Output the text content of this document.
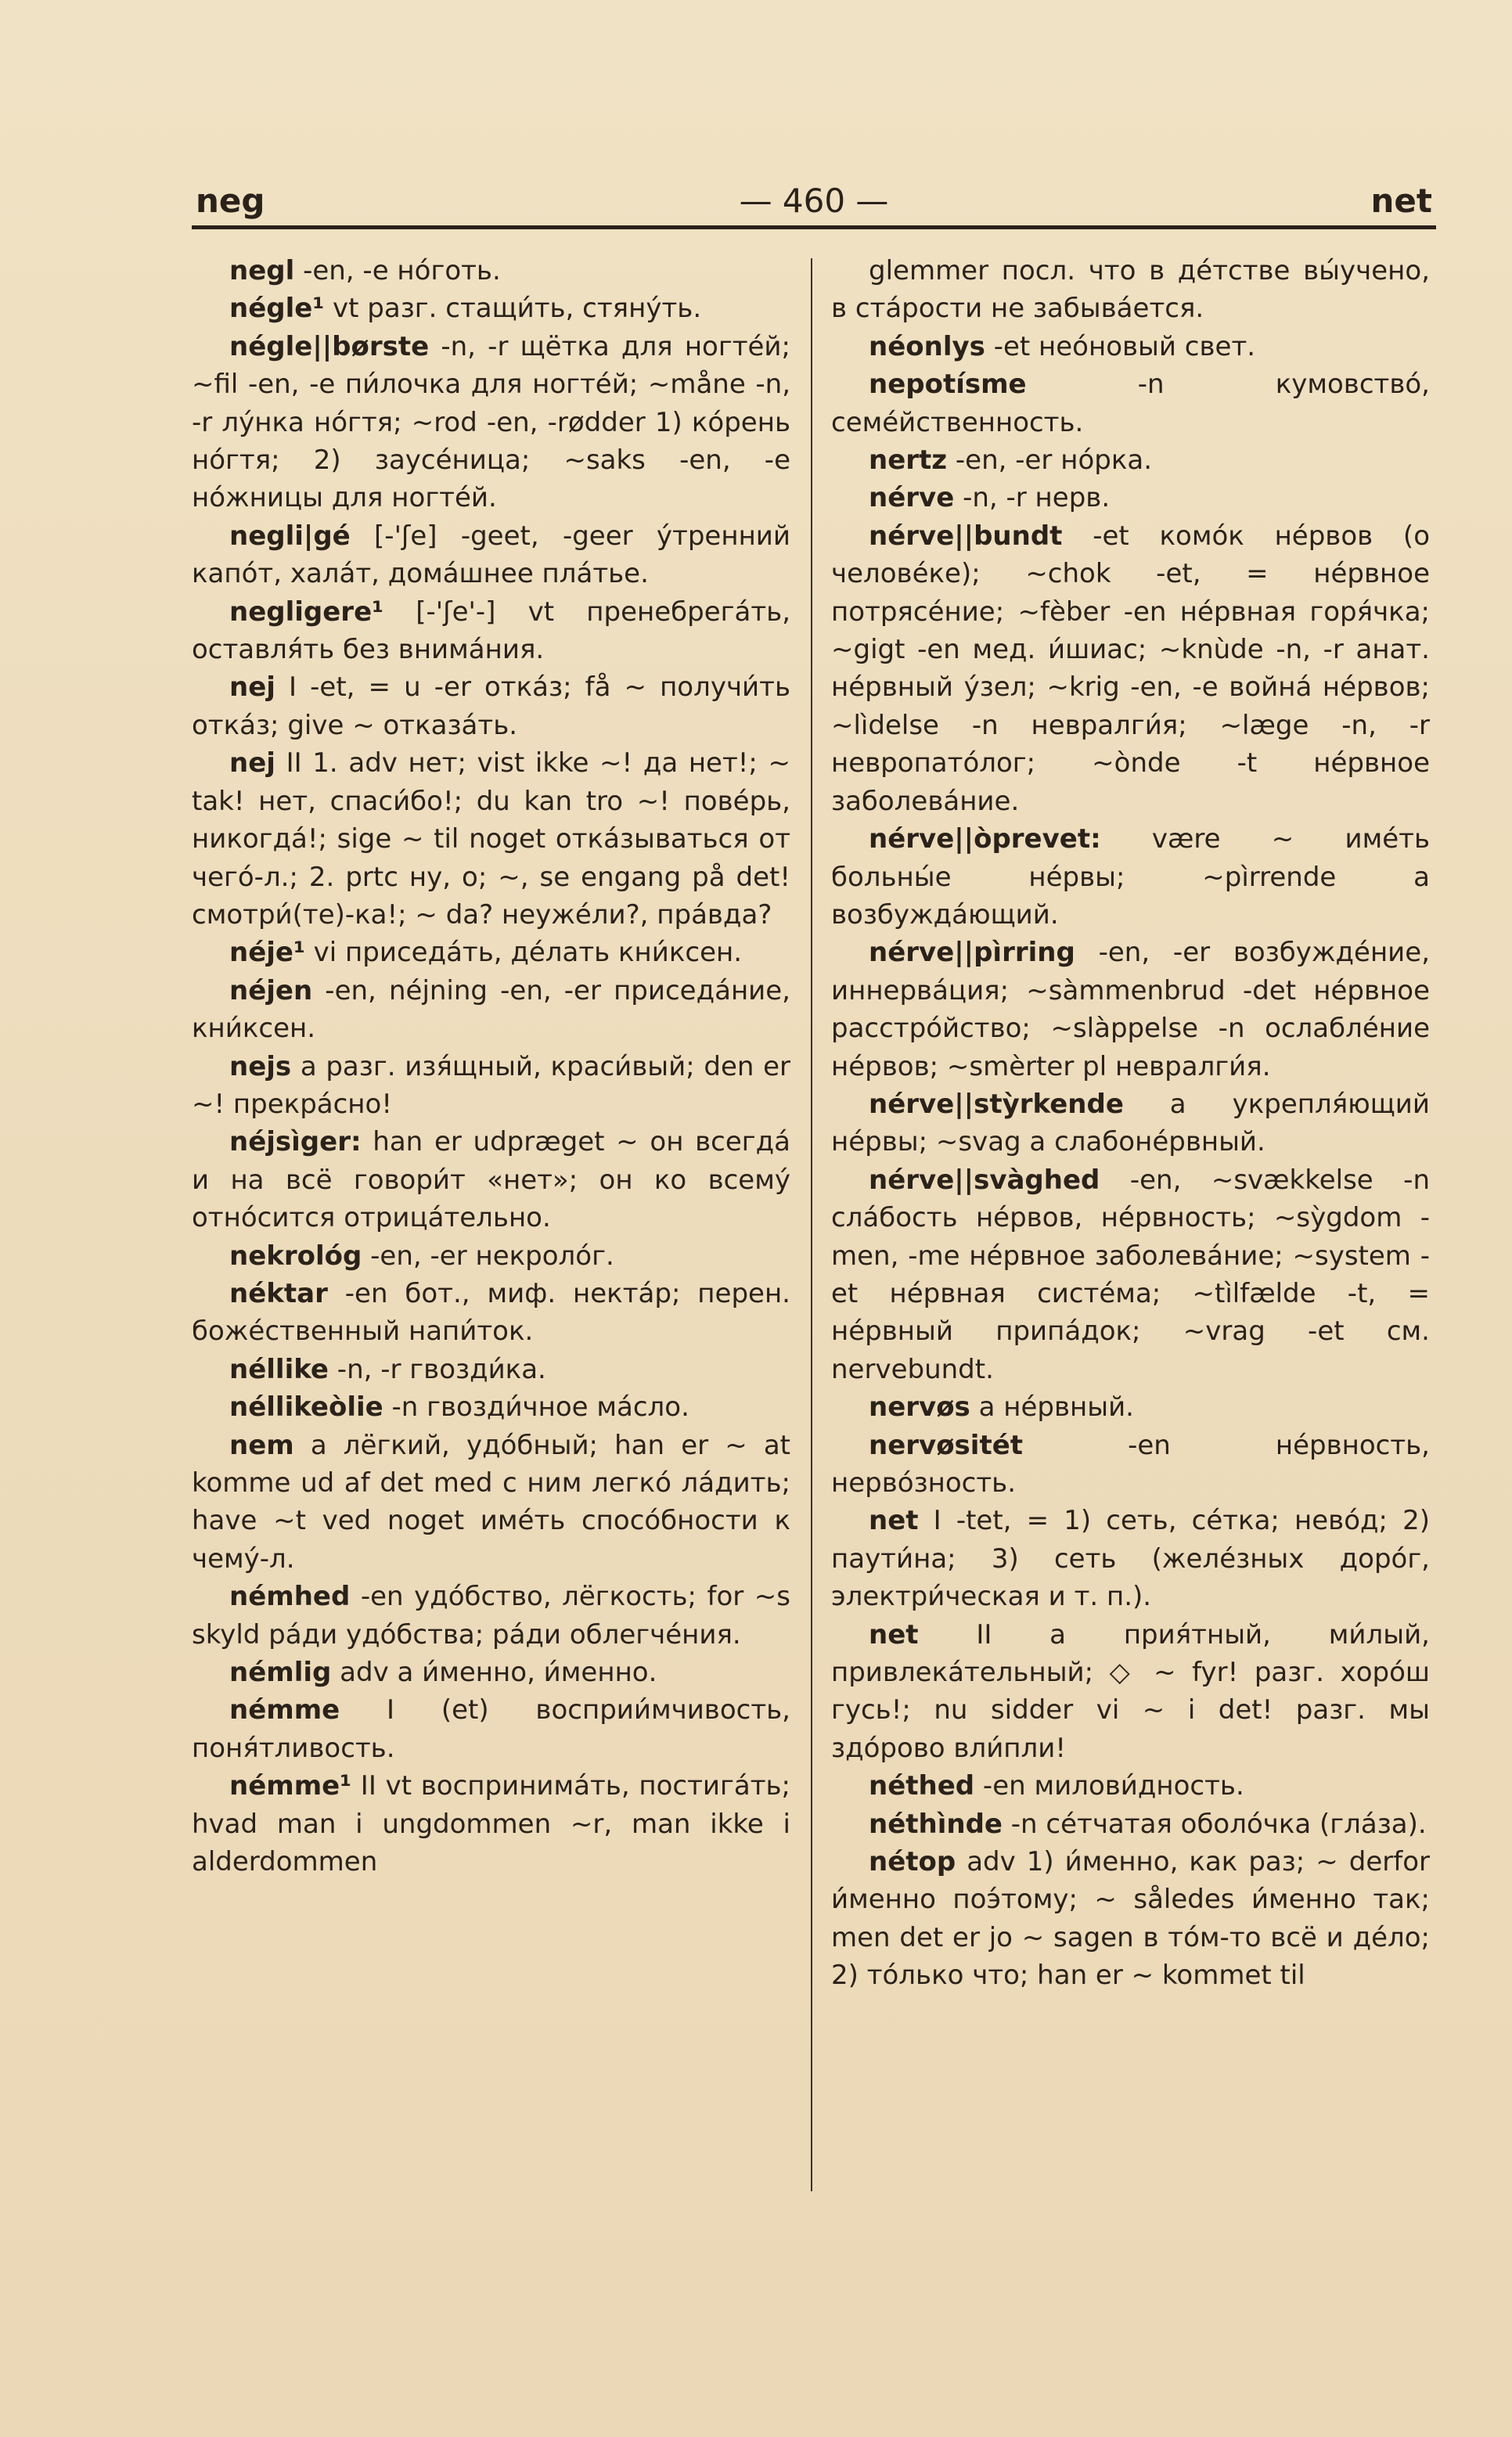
neg	— 460 —	net

negl -en, -e но́готь.

négle¹ vt разг. стащи́ть, стяну́ть.

négle||børste -n, -r щётка для ногте́й; ~fil -en, -e пи́лочка для ногте́й; ~måne -n, -r лу́нка но́гтя; ~rod -en, -rødder 1) ко́рень но́гтя; 2) заусе́ница; ~saks -en, -e но́жницы для ногте́й.

negli|gé [-'ʃe] -geet, -geer у́тренний капо́т, хала́т, дома́шнее пла́тье.

negligere¹ [-'ʃe'-] vt пренебрега́ть, оставля́ть без внима́ния.

nej I -et, = u -er отка́з; få ~ получи́ть отка́з; give ~ отказа́ть.

nej II 1. adv нет; vist ikke ~! да нет!; ~ tak! нет, спаси́бо!; du kan tro ~! пове́рь, никогда́!; sige ~ til noget отка́зываться от чего́-л.; 2. prtc ну, о; ~, se engang på det! смотри́(те)-ка!; ~ da? неуже́ли?, пра́вда?

néje¹ vi приседа́ть, де́лать кни́ксен.

néjen -en, néjning -en, -er приседа́ние, кни́ксен.

nejs a разг. изя́щный, краси́вый; den er ~! прекра́сно!

néjsìger: han er udpræget ~ он всегда́ и на всё говори́т «нет»; он ко всему́ отно́сится отрица́тельно.

nekrológ -en, -er некроло́г.

néktar -en бот., миф. некта́р; перен. боже́ственный напи́ток.

néllike -n, -r гвозди́ка.

néllikeòlie -n гвозди́чное ма́сло.

nem a лёгкий, удо́бный; han er ~ at komme ud af det med с ним легко́ ла́дить; have ~t ved noget име́ть спосо́бности к чему́-л.

némhed -en удо́бство, лёгкость; for ~s skyld ра́ди удо́бства; ра́ди облегче́ния.

némlig adv а и́менно, и́менно.

némme I (et) восприи́мчивость, поня́тливость.

némme¹ II vt воспринима́ть, постига́ть; hvad man i ungdommen ~r, man ikke i alderdommen

glemmer посл. что в де́тстве вы́учено, в ста́рости не забыва́ется.

néonlys -et нео́новый свет.

nepotísme -n кумовство́, семе́йственность.

nertz -en, -er но́рка.

nérve -n, -r нерв.

nérve||bundt -et комо́к не́рвов (о челове́ке); ~chok -et, = не́рвное потрясе́ние; ~fèber -en не́рвная горя́чка; ~gigt -en мед. и́шиас; ~knùde -n, -r анат. не́рвный у́зел; ~krig -en, -e война́ не́рвов; ~lìdelse -n невралги́я; ~læge -n, -r невропато́лог; ~ònde -t не́рвное заболева́ние.

nérve||òprevet: være ~ име́ть больны́е не́рвы; ~pìrrende a возбужда́ющий.

nérve||pìrring -en, -er возбужде́ние, иннерва́ция; ~sàmmenbrud -det не́рвное расстро́йство; ~slàppelse -n ослабле́ние не́рвов; ~smèrter pl невралги́я.

nérve||stỳrkende a укрепля́ющий не́рвы; ~svag a слабоне́рвный.

nérve||svàghed -en, ~svækkelse -n сла́бость не́рвов, не́рвность; ~sỳgdom -men, -me не́рвное заболева́ние; ~system -et не́рвная систе́ма; ~tìlfælde -t, = не́рвный припа́док; ~vrag -et см. nervebundt.

nervøs a не́рвный.

nervøsitét -en не́рвность, нерво́зность.

net I -tet, = 1) сеть, се́тка; нево́д; 2) паути́на; 3) сеть (желе́зных доро́г, электри́ческая и т. п.).

net II a прия́тный, ми́лый, привлека́тельный; ◇ ~ fyr! разг. хоро́ш гусь!; nu sidder vi ~ i det! разг. мы здо́рово вли́пли!

néthed -en милови́дность.

néthìnde -n се́тчатая оболо́чка (гла́за).

nétop adv 1) и́менно, как раз; ~ derfor и́менно поэ́тому; ~ således и́менно так; men det er jo ~ sagen в то́м-то всё и де́ло; 2) то́лько что; han er ~ kommet til
